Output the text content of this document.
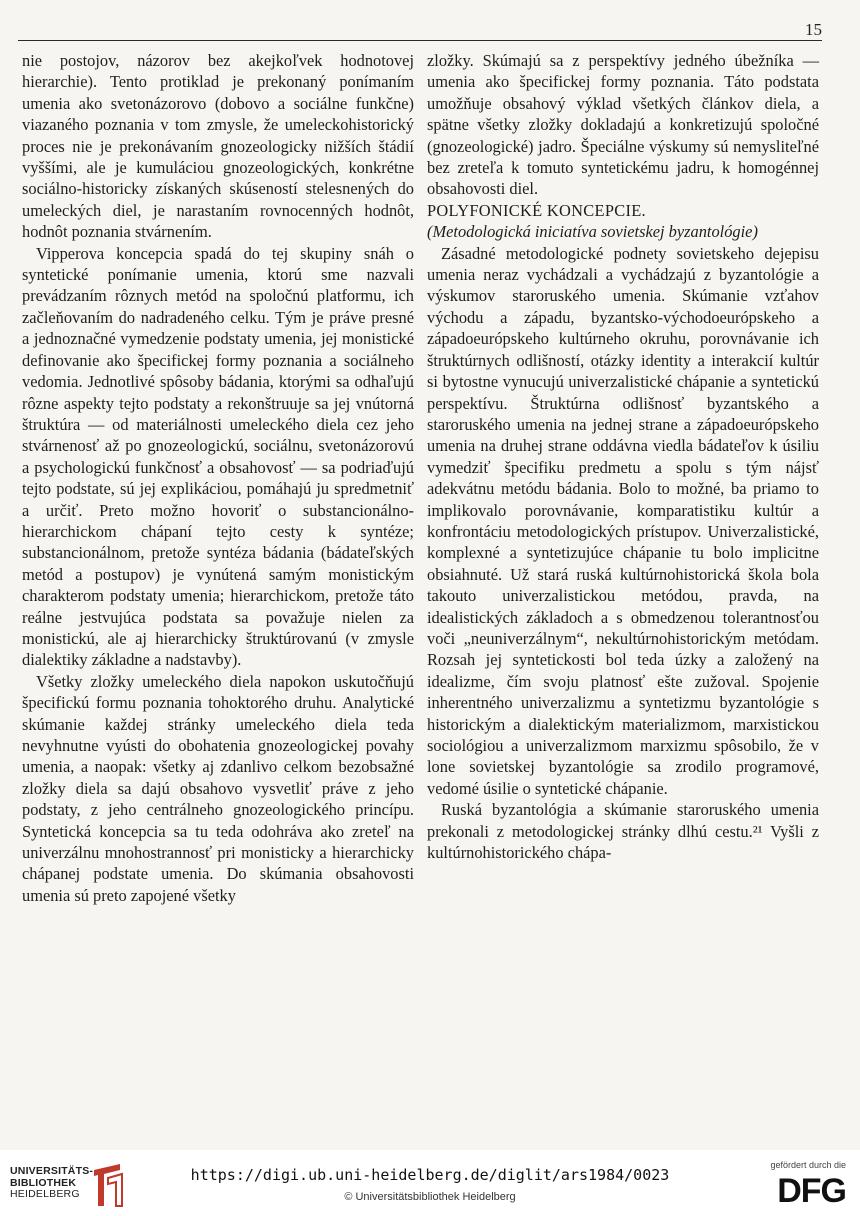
15

nie postojov, názorov bez akejkoľvek hodnotovej hierarchie). Tento protiklad je prekonaný ponímaním umenia ako svetonázorovo (dobovo a sociálne funkčne) viazaného poznania v tom zmysle, že umeleckohistorický proces nie je prekonávaním gnozeologicky nižších štádií vyššími, ale je kumuláciou gnozeologických, konkrétne sociálno-historicky získaných skúseností stelesnených do umeleckých diel, je narastaním rovnocenných hodnôt, hodnôt poznania stvárnením.

Vipperova koncepcia spadá do tej skupiny snáh o syntetické ponímanie umenia, ktorú sme nazvali prevádzaním rôznych metód na spoločnú platformu, ich začleňovaním do nadradeného celku. Tým je práve presné a jednoznačné vymedzenie podstaty umenia, jej monistické definovanie ako špecifickej formy poznania a sociálneho vedomia. Jednotlivé spôsoby bádania, ktorými sa odhaľujú rôzne aspekty tejto podstaty a rekonštruuje sa jej vnútorná štruktúra — od materiálnosti umeleckého diela cez jeho stvárnenosť až po gnozeologickú, sociálnu, svetonázorovú a psychologickú funkčnosť a obsahovosť — sa podriaďujú tejto podstate, sú jej explikáciou, pomáhajú ju spredmetniť a určiť. Preto možno hovoriť o substancionálno-hierarchickom chápaní tejto cesty k syntéze; substancionálnom, pretože syntéza bádania (bádateľských metód a postupov) je vynútená samým monistickým charakterom podstaty umenia; hierarchickom, pretože táto reálne jestvujúca podstata sa považuje nielen za monistickú, ale aj hierarchicky štruktúrovanú (v zmysle dialektiky základne a nadstavby).

Všetky zložky umeleckého diela napokon uskutočňujú špecifickú formu poznania tohoktorého druhu. Analytické skúmanie každej stránky umeleckého diela teda nevyhnutne vyústi do obohatenia gnozeologickej povahy umenia, a naopak: všetky aj zdanlivo celkom bezobsažné zložky diela sa dajú obsahovo vysvetliť práve z jeho podstaty, z jeho centrálneho gnozeologického princípu. Syntetická koncepcia sa tu teda odohráva ako zreteľ na univerzálnu mnohostrannosť pri monisticky a hierarchicky chápanej podstate umenia. Do skúmania obsahovosti umenia sú preto zapojené všetky

zložky. Skúmajú sa z perspektívy jedného úbežníka — umenia ako špecifickej formy poznania. Táto podstata umožňuje obsahový výklad všetkých článkov diela, a spätne všetky zložky dokladajú a konkretizujú spoločné (gnozeologické) jadro. Špeciálne výskumy sú nemysliteľné bez zreteľa k tomuto syntetickému jadru, k homogénnej obsahovosti diel.

POLYFONICKÉ KONCEPCIE.

(Metodologická iniciatíva sovietskej byzantológie)

Zásadné metodologické podnety sovietskeho dejepisu umenia neraz vychádzali a vychádzajú z byzantológie a výskumov staroruského umenia. Skúmanie vzťahov východu a západu, byzantsko-východoeurópskeho a západoeurópskeho kultúrneho okruhu, porovnávanie ich štruktúrnych odlišností, otázky identity a interakcií kultúr si bytostne vynucujú univerzalistické chápanie a syntetickú perspektívu. Štruktúrna odlišnosť byzantského a staroruského umenia na jednej strane a západoeurópskeho umenia na druhej strane oddávna viedla bádateľov k úsiliu vymedziť špecifiku predmetu a spolu s tým nájsť adekvátnu metódu bádania. Bolo to možné, ba priamo to implikovalo porovnávanie, komparatistiku kultúr a konfrontáciu metodologických prístupov. Univerzalistické, komplexné a syntetizujúce chápanie tu bolo implicitne obsiahnuté. Už stará ruská kultúrnohistorická škola bola takouto univerzalistickou metódou, pravda, na idealistických základoch a s obmedzenou tolerantnosťou voči „neuniverzálnym“, nekultúrnohistorickým metódam. Rozsah jej syntetickosti bol teda úzky a založený na idealizme, čím svoju platnosť ešte zužoval. Spojenie inherentného univerzalizmu a syntetizmu byzantológie s historickým a dialektickým materializmom, marxistickou sociológiou a univerzalizmom marxizmu spôsobilo, že v lone sovietskej byzantológie sa zrodilo programové, vedomé úsilie o syntetické chápanie.

Ruská byzantológia a skúmanie staroruského umenia prekonali z metodologickej stránky dlhú cestu.²¹ Vyšli z kultúrnohistorického chápa-

UNIVERSITÄTS-
BIBLIOTHEK
HEIDELBERG
https://digi.ub.uni-heidelberg.de/diglit/ars1984/0023
© Universitätsbibliothek Heidelberg
gefördert durch die
DFG
